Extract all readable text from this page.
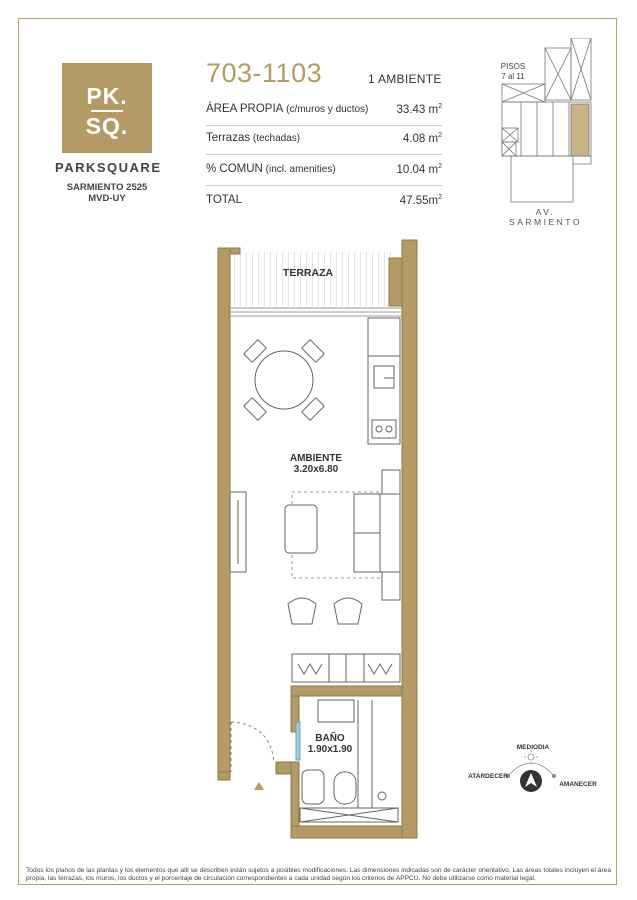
PK.
SQ.
PARKSQUARE
SARMIENTO 2525
MVD-UY
703-1103	1 AMBIENTE
ÁREA PROPIA (c/muros y ductos) 33.43 $m^2$
Terrazas (techadas)	4.08 $m^2$
% COMUN (incl. amenities)	10.04 $m^2$
TOTAL	$47.55m^2$
PISOS
7 al 11
AV. SARMIENTO
TERRAZA
AMBIENTE
3.20x6.80
BAÑO
1.90x1.90	MEDIODIA
ATARDECER
AMANECER
Todos los planos de las plantas y los elementos que allí se describen están sujetos a posibles modificaciones. Las dimensiones indicadas son de carácter orientativo. Las áreas totales incluyen el área propia, las terrazas, los muros, los ductos y el porcentaje de circulación correspondientes a cada unidad según los criterios de APPCU. No debe utilizarse como material legal.
